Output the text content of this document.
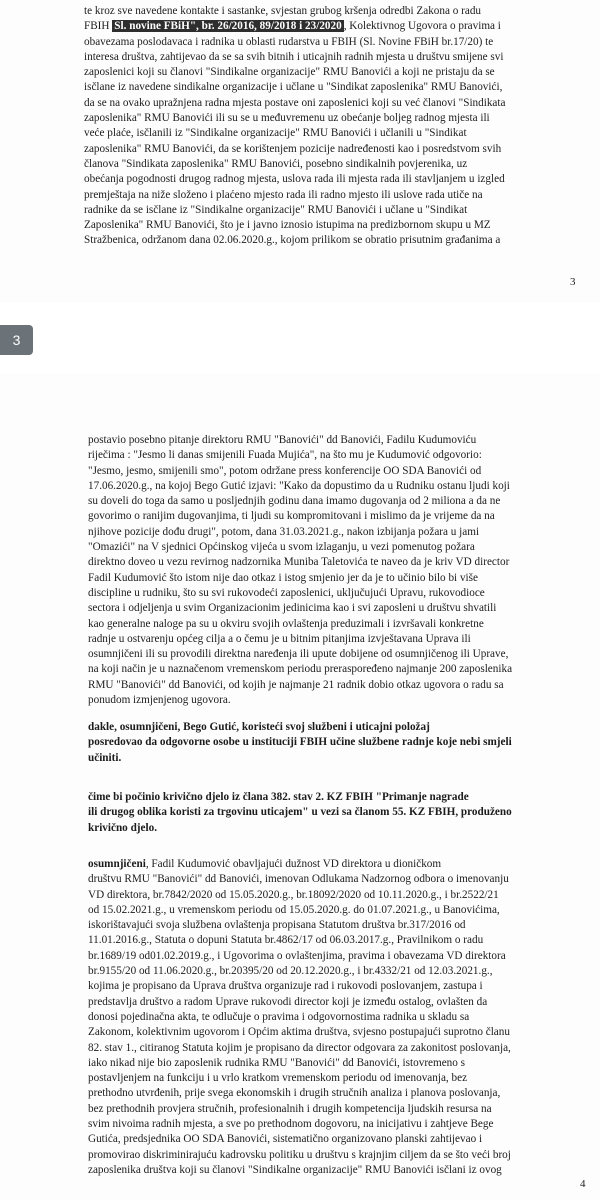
te kroz sve navedene kontakte i sastanke, svjestan grubog kršenja odredbi Zakona o radu
FBIH Sl. novine FBiH", br. 26/2016, 89/2018 i 23/2020 , Kolektivnog Ugovora o pravima i
obavezama poslodavaca i radnika u oblasti rudarstva u FBIH (Sl. Novine FBiH br.17/20) te
interesa društva, zahtijevao da se sa svih bitnih i uticajnih radnih mjesta u društvu smijene svi
zaposlenici koji su članovi "Sindikalne organizacije" RMU Banovići a koji ne pristaju da se
isčlane iz navedene sindikalne organizacije i učlane u "Sindikat zaposlenika" RMU Banovići,
da se na ovako upražnjena radna mjesta postave oni zaposlenici koji su već članovi "Sindikata
zaposlenika" RMU Banovići ili su se u međuvremenu uz obećanje boljeg radnog mjesta ili
veće plaće, isčlanili iz "Sindikalne organizacije" RMU Banovići i učlanili u "Sindikat
zaposlenika" RMU Banovići, da se korištenjem pozicije nadređenosti kao i posredstvom svih
članova "Sindikata zaposlenika" RMU Banovići, posebno sindikalnih povjerenika, uz
obećanja pogodnosti drugog radnog mjesta, uslova rada ili mjesta rada ili stavljanjem u izgled
premještaja na niže složeno i plaćeno mjesto rada ili radno mjesto ili uslove rada utiče na
radnike da se isčlane iz "Sindikalne organizacije" RMU Banovići i učlane u "Sindikat
Zaposlenika" RMU Banovići, što je i javno iznosio istupima na predizbornom skupu u MZ
Stražbenica, održanom dana 02.06.2020.g., kojom prilikom se obratio prisutnim građanima a
3
3
postavio posebno pitanje direktoru RMU "Banovići" dd Banovići, Fadilu Kudumoviću
riječima : "Jesmo li danas smijenili Fuada Mujića", na što mu je Kudumović odgovorio:
"Jesmo, jesmo, smijenili smo", potom održane press konferencije OO SDA Banovići od
17.06.2020.g., na kojoj Bego Gutić izjavi: "Kako da dopustimo da u Rudniku ostanu ljudi koji
su doveli do toga da samo u posljednjih godinu dana imamo dugovanja od 2 miliona a da ne
govorimo o ranijim dugovanjima, ti ljudi su kompromitovani i mislimo da je vrijeme da na
njihove pozicije dođu drugi", potom, dana 31.03.2021.g., nakon izbijanja požara u jami
"Omazići" na V sjednici Općinskog vijeća u svom izlaganju, u vezi pomenutog požara
direktno doveo u vezu revirnog nadzornika Muniba Taletovića te naveo da je kriv VD director
Fadil Kudumović što istom nije dao otkaz i istog smjenio jer da je to učinio bilo bi više
discipline u rudniku, što su svi rukovodeći zaposlenici, uključujući Upravu, rukovodioce
sectora i odjeljenja u svim Organizacionim jedinicima kao i svi zaposleni u društvu shvatili
kao generalne naloge pa su u okviru svojih ovlaštenja preduzimali i izvršavali konkretne
radnje u ostvarenju općeg cilja a o čemu je u bitnim pitanjima izvještavana Uprava ili
osumnjičeni ili su provodili direktna naređenja ili upute dobijene od osumnjičenog ili Uprave,
na koji način je u naznačenom vremenskom periodu preraspoređeno najmanje 200 zaposlenika
RMU "Banovići" dd Banovići, od kojih je najmanje 21 radnik dobio otkaz ugovora o radu sa
ponudom izmjenjenog ugovora.
dakle, osumnjičeni, Bego Gutić, koristeći svoj službeni i uticajni položaj
posredovao da odgovorne osobe u instituciji FBIH učine službene radnje koje nebi smjeli
učiniti.
čime bi počinio krivično djelo iz člana 382. stav 2. KZ FBIH "Primanje nagrade
ili drugog oblika koristi za trgovinu uticajem" u vezi sa članom 55. KZ FBIH, produženo
krivično djelo.
osumnjičeni, Fadil Kudumović obavljajući dužnost VD direktora u dioničkom
društvu RMU "Banovići" dd Banovići, imenovan Odlukama Nadzornog odbora o imenovanju
VD direktora, br.7842/2020 od 15.05.2020.g., br.18092/2020 od 10.11.2020.g., i br.2522/21
od 15.02.2021.g., u vremenskom periodu od 15.05.2020.g. do 01.07.2021.g., u Banovićima,
iskorištavajući svoja službena ovlaštenja propisana Statutom društva br.317/2016 od
11.01.2016.g., Statuta o dopuni Statuta br.4862/17 od 06.03.2017.g., Pravilnikom o radu
br.1689/19 od01.02.2019.g., i Ugovorima o ovlaštenjima, pravima i obavezama VD direktora
br.9155/20 od 11.06.2020.g., br.20395/20 od 20.12.2020.g., i br.4332/21 od 12.03.2021.g.,
kojima je propisano da Uprava društva organizuje rad i rukovodi poslovanjem, zastupa i
predstavlja društvo a radom Uprave rukovodi director koji je između ostalog, ovlašten da
donosi pojedinačna akta, te odlučuje o pravima i odgovornostima radnika u skladu sa
Zakonom, kolektivnim ugovorom i Općim aktima društva, svjesno postupajući suprotno članu
82. stav 1., citiranog Statuta kojim je propisano da director odgovara za zakonitost poslovanja,
iako nikad nije bio zaposlenik rudnika RMU "Banovići" dd Banovići, istovremeno s
postavljenjem na funkciju i u vrlo kratkom vremenskom periodu od imenovanja, bez
prethodno utvrđenih, prije svega ekonomskih i drugih stručnih analiza i planova poslovanja,
bez prethodnih provjera stručnih, profesionalnih i drugih kompetencija ljudskih resursa na
svim nivoima radnih mjesta, a sve po prethodnom dogovoru, na inicijativu i zahtjeve Bege
Gutića, predsjednika OO SDA Banovići, sistematično organizovano planski zahtijevao i
promovirao diskriminirajuću kadrovsku politiku u društvu s krajnjim ciljem da se što veći broj
zaposlenika društva koji su članovi "Sindikalne organizacije" RMU Banovići isčlani iz ovog
4
